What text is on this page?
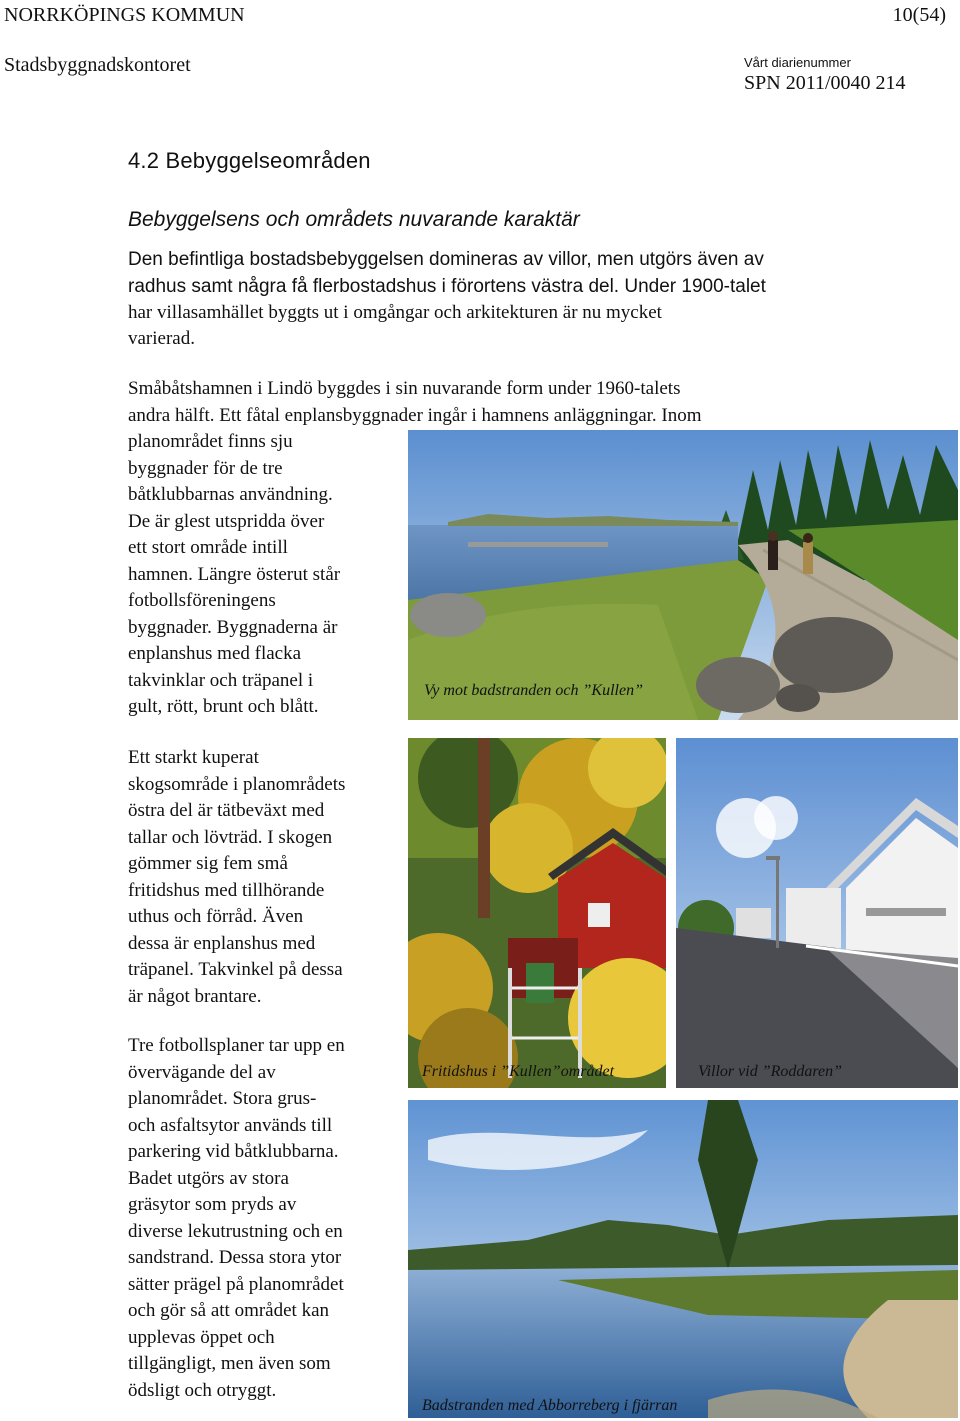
NORRKÖPINGS KOMMUN	10(54)
Stadsbyggnadskontoret	Vårt diarienummer
SPN 2011/0040 214
4.2 Bebyggelseområden
Bebyggelsens och områdets nuvarande karaktär

Den befintliga bostadsbebyggelsen domineras av villor, men utgörs även av

radhus samt några få flerbostadshus i förortens västra del. Under 1900-talet

har villasamhället byggts ut i omgångar och arkitekturen är nu mycket

varierad.

Småbåtshamnen i Lindö byggdes i sin nuvarande form under 1960-talets

andra hälft. Ett fåtal enplansbyggnader ingår i hamnens anläggningar. Inom

planområdet finns sju

byggnader för de tre

båtklubbarnas användning.

De är glest utspridda över

ett stort område intill

hamnen. Längre österut står

fotbollsföreningens

byggnader. Byggnaderna är

enplanshus med flacka

takvinklar och träpanel i

gult, rött, brunt och blått.

Ett starkt kuperat

skogsområde i planområdets

östra del är tätbeväxt med

tallar och lövträd. I skogen

gömmer sig fem små

fritidshus med tillhörande

uthus och förråd. Även

dessa är enplanshus med

träpanel. Takvinkel på dessa

är något brantare.

Tre fotbollsplaner tar upp en

övervägande del av

planområdet. Stora grus-

och asfaltsytor används till

parkering vid båtklubbarna.

Badet utgörs av stora

gräsytor som pryds av

diverse lekutrustning och en

sandstrand. Dessa stora ytor

sätter prägel på planområdet

och gör så att området kan

upplevas öppet och

tillgängligt, men även som

ödsligt och otryggt.

Vy mot badstranden och ”Kullen”
Fritidshus i ”Kullen”området	Villor vid ”Roddaren”
Badstranden med Abborreberg i fjärran
